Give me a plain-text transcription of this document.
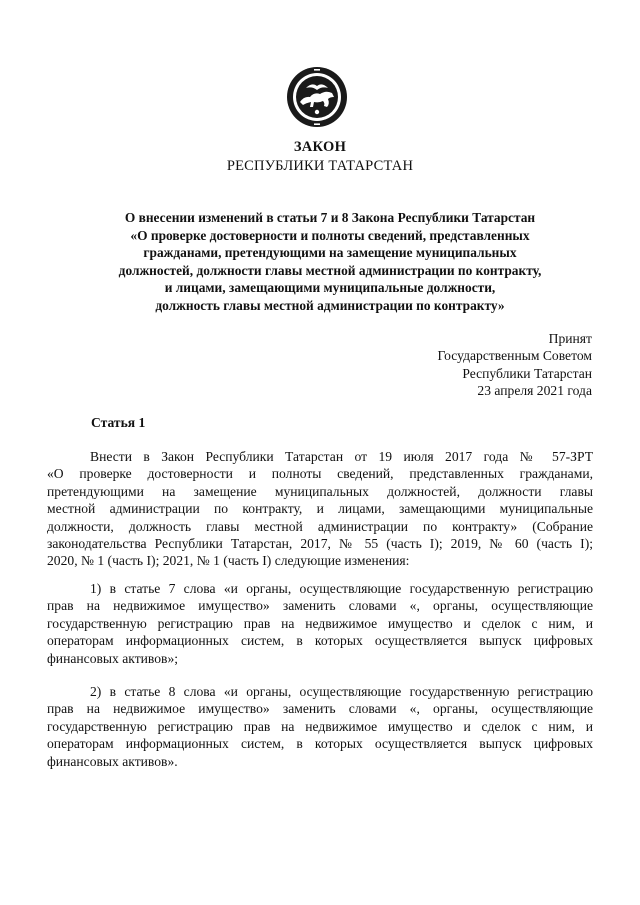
ЗАКОН
РЕСПУБЛИКИ ТАТАРСТАН
О внесении изменений в статьи 7 и 8 Закона Республики Татарстан
«О проверке достоверности и полноты сведений, представленных
гражданами, претендующими на замещение муниципальных
должностей, должности главы местной администрации по контракту,
и лицами, замещающими муниципальные должности,
должность главы местной администрации по контракту»
Принят
Государственным Советом
Республики Татарстан
23 апреля 2021 года
Статья 1
Внести в Закон Республики Татарстан от 19 июля 2017 года № 57-ЗРТ
«О проверке достоверности и полноты сведений, представленных гражданами,
претендующими на замещение муниципальных должностей, должности главы
местной администрации по контракту, и лицами, замещающими муниципальные
должности, должность главы местной администрации по контракту» (Собрание
законодательства Республики Татарстан, 2017, № 55 (часть I); 2019, № 60 (часть I);
2020, № 1 (часть I); 2021, № 1 (часть I) следующие изменения:
1) в статье 7 слова «и органы, осуществляющие государственную регистрацию
прав на недвижимое имущество» заменить словами «, органы, осуществляющие
государственную регистрацию прав на недвижимое имущество и сделок с ним, и
операторам информационных систем, в которых осуществляется выпуск цифровых
финансовых активов»;
2) в статье 8 слова «и органы, осуществляющие государственную регистрацию
прав на недвижимое имущество» заменить словами «, органы, осуществляющие
государственную регистрацию прав на недвижимое имущество и сделок с ним, и
операторам информационных систем, в которых осуществляется выпуск цифровых
финансовых активов».
